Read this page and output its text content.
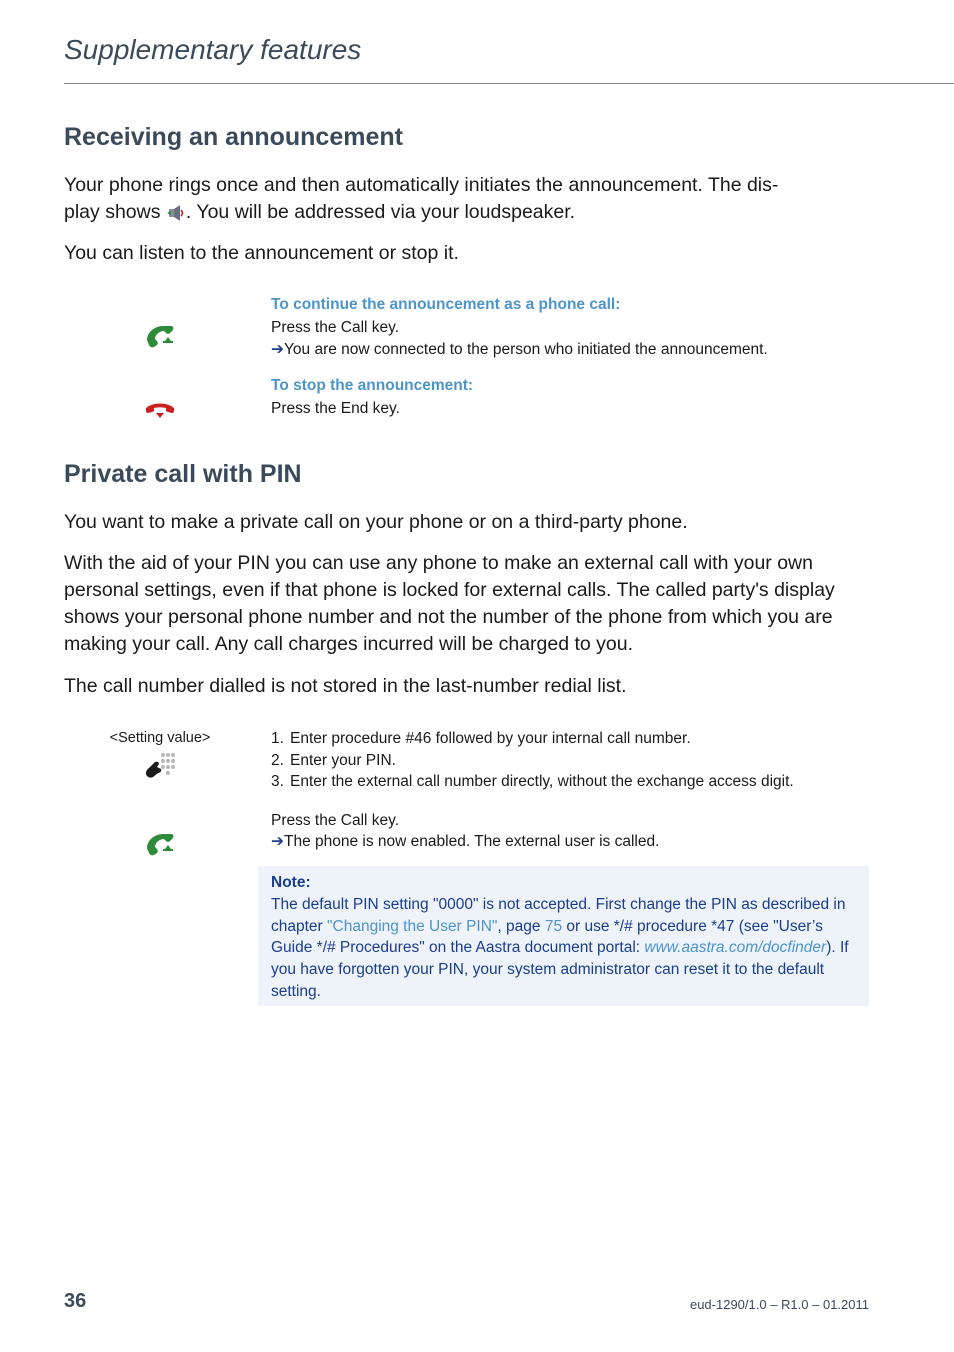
Supplementary features
Receiving an announcement

Your phone rings once and then automatically initiates the announcement. The dis-
play shows
. You will be addressed via your loudspeaker.

You can listen to the announcement or stop it.
To continue the announcement as a phone call:
Press the Call key.
➔You are now connected to the person who initiated the announcement.
To stop the announcement:
Press the End key.
Private call with PIN
You want to make a private call on your phone or on a third-party phone.
With the aid of your PIN you can use any phone to make an external call with your own personal settings, even if that phone is locked for external calls. The called party's display shows your personal phone number and not the number of the phone from which you are making your call. Any call charges incurred will be charged to you.
The call number dialled is not stored in the last-number redial list.
<Setting value>	1. Enter procedure #46 followed by your internal call number.
2. Enter your PIN.
3. Enter the external call number directly, without the exchange access digit.
Press the Call key.
➔The phone is now enabled. The external user is called.
Note:
The default PIN setting "0000" is not accepted. First change the PIN as described in chapter "Changing the User PIN", page 75 or use */# procedure *47 (see "User’s Guide */# Procedures" on the Aastra document portal: www.aastra.com/docfinder). If you have forgotten your PIN, your system administrator can reset it to the default setting.
36	eud-1290/1.0 – R1.0 – 01.2011
